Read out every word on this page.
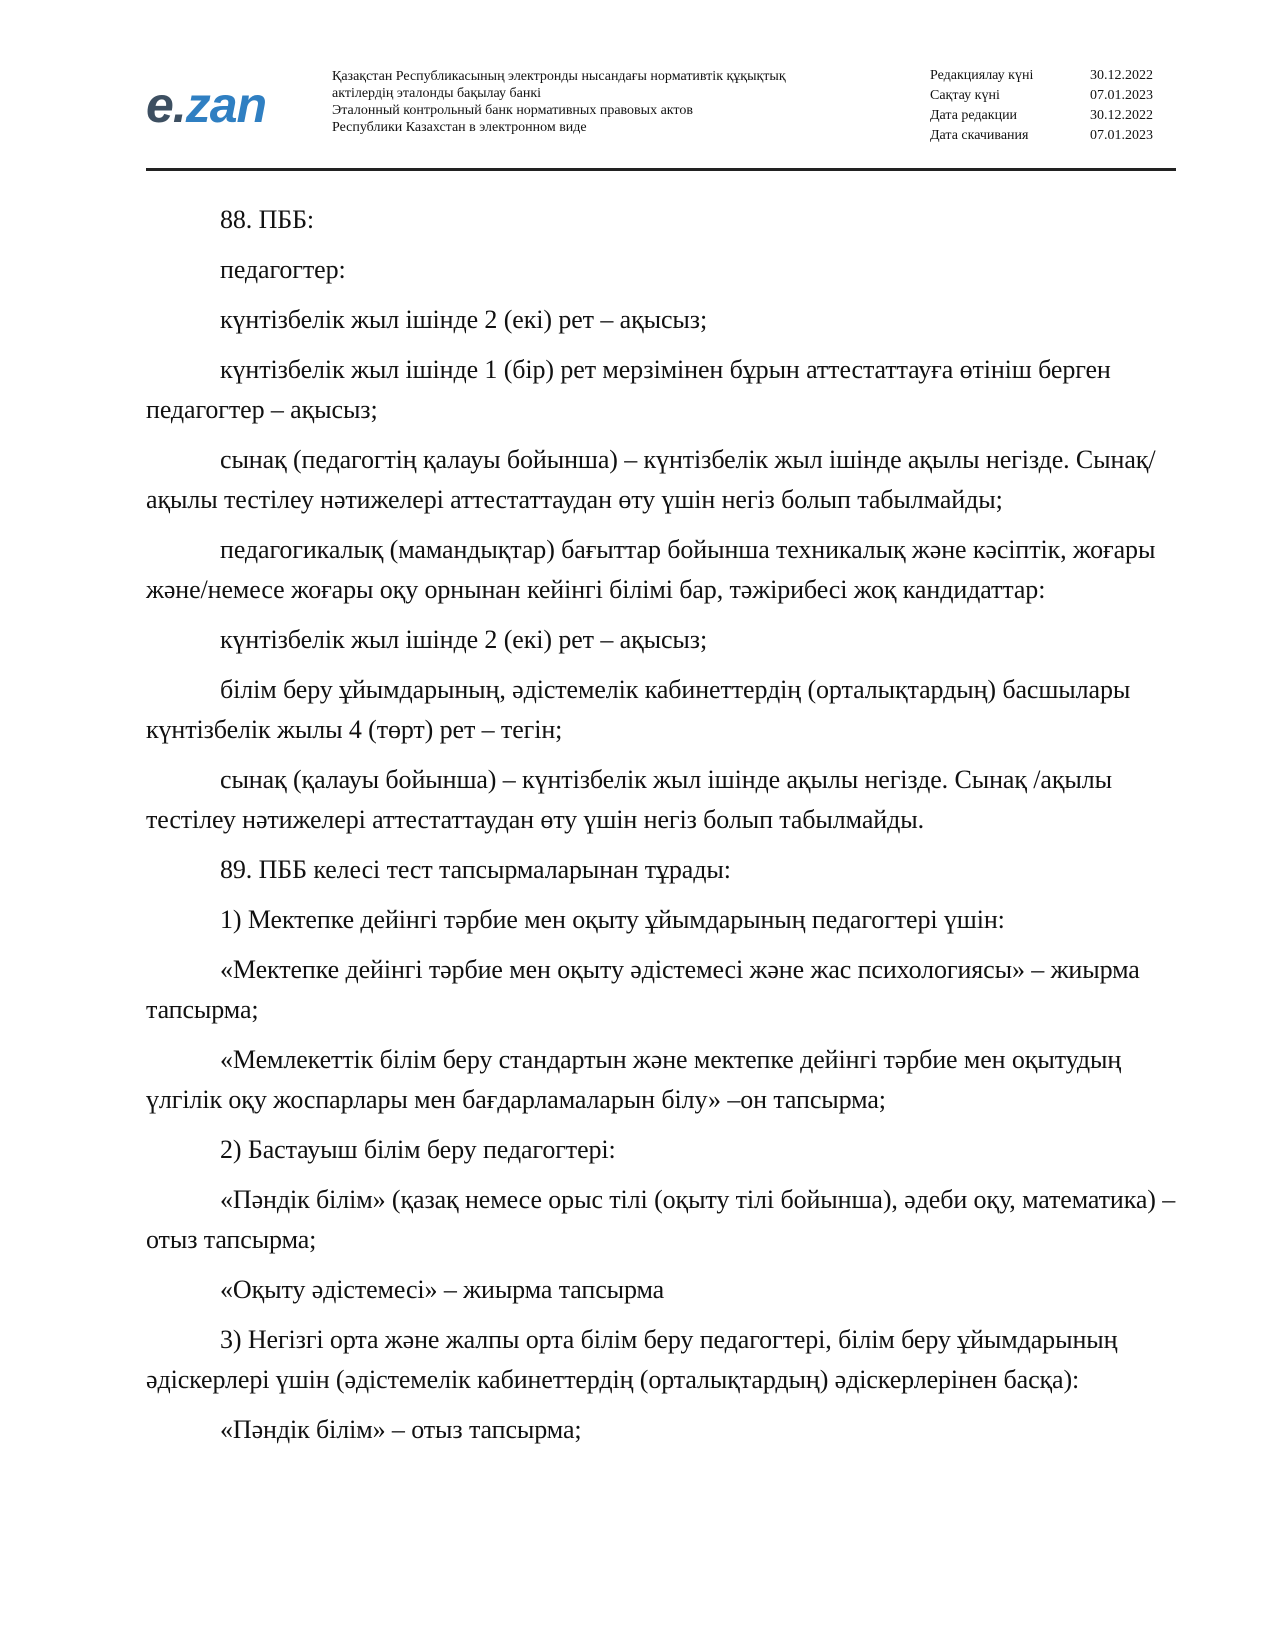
e.zan
Қазақстан Республикасының электронды нысандағы нормативтік құқықтық
актілердің эталонды бақылау банкі
Эталонный контрольный банк нормативных правовых актов
Республики Казахстан в электронном виде
Редакциялау күні	30.12.2022
Сақтау күні	07.01.2023
Дата редакции	30.12.2022
Дата скачивания	07.01.2023

88. ПББ:

педагогтер:

күнтізбелік жыл ішінде 2 (екі) рет – ақысыз;

күнтізбелік жыл ішінде 1 (бір) рет мерзімінен бұрын аттестаттауға өтініш берген педагогтер – ақысыз;

сынақ (педагогтің қалауы бойынша) – күнтізбелік жыл ішінде ақылы негізде. Сынақ/ақылы тестілеу нәтижелері аттестаттаудан өту үшін негіз болып табылмайды;

педагогикалық (мамандықтар) бағыттар бойынша техникалық және кәсіптік, жоғары және/немесе жоғары оқу орнынан кейінгі білімі бар, тәжірибесі жоқ кандидаттар:

күнтізбелік жыл ішінде 2 (екі) рет – ақысыз;

білім беру ұйымдарының, әдістемелік кабинеттердің (орталықтардың) басшылары күнтізбелік жылы 4 (төрт) рет – тегін;

сынақ (қалауы бойынша) – күнтізбелік жыл ішінде ақылы негізде. Сынақ /ақылы тестілеу нәтижелері аттестаттаудан өту үшін негіз болып табылмайды.

89. ПББ келесі тест тапсырмаларынан тұрады:

1) Мектепке дейінгі тәрбие мен оқыту ұйымдарының педагогтері үшін:

«Мектепке дейінгі тәрбие мен оқыту әдістемесі және жас психологиясы» – жиырма тапсырма;

«Мемлекеттік білім беру стандартын және мектепке дейінгі тәрбие мен оқытудың үлгілік оқу жоспарлары мен бағдарламаларын білу» –он тапсырма;

2) Бастауыш білім беру педагогтері:

«Пәндік білім» (қазақ немесе орыс тілі (оқыту тілі бойынша), әдеби оқу, математика) – отыз тапсырма;

«Оқыту әдістемесі» – жиырма тапсырма

3) Негізгі орта және жалпы орта білім беру педагогтері, білім беру ұйымдарының әдіскерлері үшін (әдістемелік кабинеттердің (орталықтардың) әдіскерлерінен басқа):

«Пәндік білім» – отыз тапсырма;
